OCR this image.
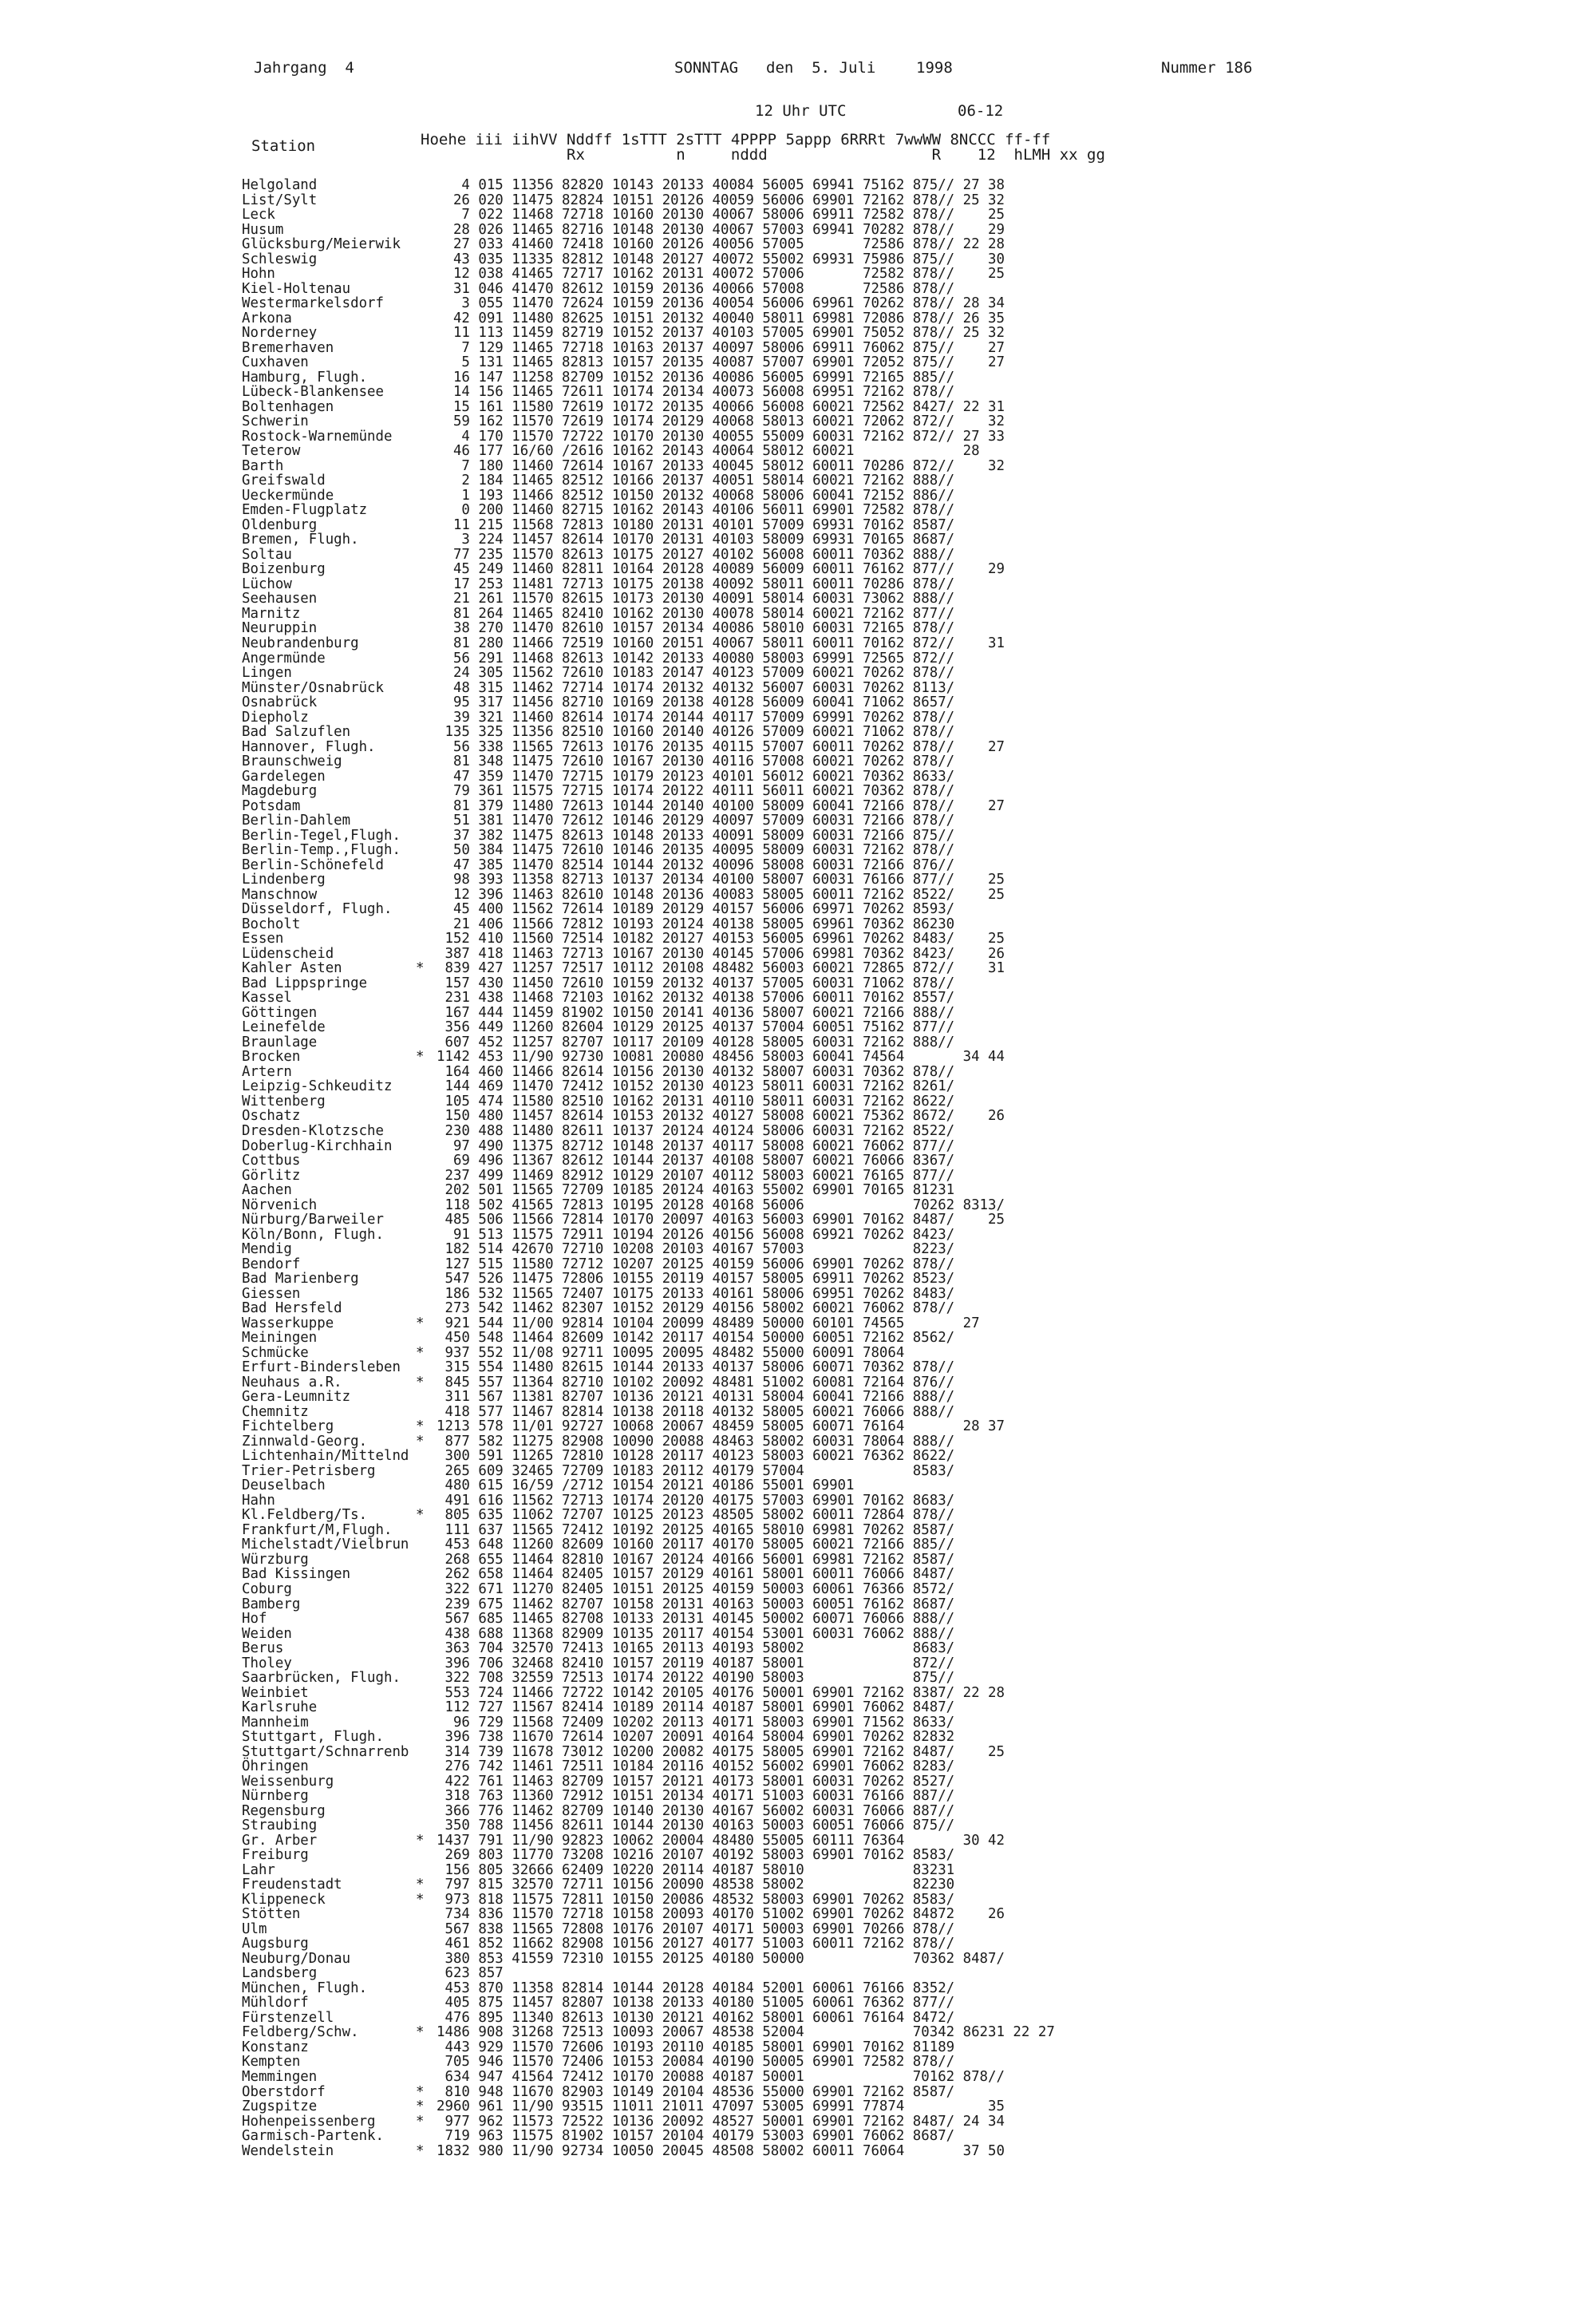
Jahrgang  4	SONNTAG den  5. Juli	1998	Nummer 186
12 Uhr UTC	06-12
Station	Hoehe iii iihVV Nddff 1sTTT 2sTTT 4PPPP 5appp 6RRRt 7wwWW 8NCCC ff-ff
Rx          n     nddd                  R    12  hLMH xx gg
Helgoland		4 015 11356 82820 10143 20133 40084 56005 69941 75162 875// 27 38
List/Sylt		26 020 11475 82824 10151 20126 40059 56006 69901 72162 878// 25 32
Leck		7 022 11468 72718 10160 20130 40067 58006 69911 72582 878//    25
Husum		28 026 11465 82716 10148 20130 40067 57003 69941 70282 878//    29
Glücksburg/Meierwik		27 033 41460 72418 10160 20126 40056 57005       72586 878// 22 28
Schleswig		43 035 11335 82812 10148 20127 40072 55002 69931 75986 875//    30
Hohn		12 038 41465 72717 10162 20131 40072 57006       72582 878//    25
Kiel-Holtenau		31 046 41470 82612 10159 20136 40066 57008       72586 878//
Westermarkelsdorf		3 055 11470 72624 10159 20136 40054 56006 69961 70262 878// 28 34
Arkona		42 091 11480 82625 10151 20132 40040 58011 69981 72086 878// 26 35
Norderney		11 113 11459 82719 10152 20137 40103 57005 69901 75052 878// 25 32
Bremerhaven		7 129 11465 72718 10163 20137 40097 58006 69911 76062 875//    27
Cuxhaven		5 131 11465 82813 10157 20135 40087 57007 69901 72052 875//    27
Hamburg, Flugh.		16 147 11258 82709 10152 20136 40086 56005 69991 72165 885//
Lübeck-Blankensee		14 156 11465 72611 10174 20134 40073 56008 69951 72162 878//
Boltenhagen		15 161 11580 72619 10172 20135 40066 56008 60021 72562 8427/ 22 31
Schwerin		59 162 11570 72619 10174 20129 40068 58013 60021 72062 872//    32
Rostock-Warnemünde		4 170 11570 72722 10170 20130 40055 55009 60031 72162 872// 27 33
Teterow		46 177 16/60 /2616 10162 20143 40064 58012 60021             28
Barth		7 180 11460 72614 10167 20133 40045 58012 60011 70286 872//    32
Greifswald		2 184 11465 82512 10166 20137 40051 58014 60021 72162 888//
Ueckermünde		1 193 11466 82512 10150 20132 40068 58006 60041 72152 886//
Emden-Flugplatz		0 200 11460 82715 10162 20143 40106 56011 69901 72582 878//
Oldenburg		11 215 11568 72813 10180 20131 40101 57009 69931 70162 8587/
Bremen, Flugh.		3 224 11457 82614 10170 20131 40103 58009 69931 70165 8687/
Soltau		77 235 11570 82613 10175 20127 40102 56008 60011 70362 888//
Boizenburg		45 249 11460 82811 10164 20128 40089 56009 60011 76162 877//    29
Lüchow		17 253 11481 72713 10175 20138 40092 58011 60011 70286 878//
Seehausen		21 261 11570 82615 10173 20130 40091 58014 60031 73062 888//
Marnitz		81 264 11465 82410 10162 20130 40078 58014 60021 72162 877//
Neuruppin		38 270 11470 82610 10157 20134 40086 58010 60031 72165 878//
Neubrandenburg		81 280 11466 72519 10160 20151 40067 58011 60011 70162 872//    31
Angermünde		56 291 11468 82613 10142 20133 40080 58003 69991 72565 872//
Lingen		24 305 11562 72610 10183 20147 40123 57009 60021 70262 878//
Münster/Osnabrück		48 315 11462 72714 10174 20132 40132 56007 60031 70262 8113/
Osnabrück		95 317 11456 82710 10169 20138 40128 56009 60041 71062 8657/
Diepholz		39 321 11460 82614 10174 20144 40117 57009 69991 70262 878//
Bad Salzuflen		135 325 11356 82510 10160 20140 40126 57009 60021 71062 878//
Hannover, Flugh.		56 338 11565 72613 10176 20135 40115 57007 60011 70262 878//    27
Braunschweig		81 348 11475 72610 10167 20130 40116 57008 60021 70262 878//
Gardelegen		47 359 11470 72715 10179 20123 40101 56012 60021 70362 8633/
Magdeburg		79 361 11575 72715 10174 20122 40111 56011 60021 70362 878//
Potsdam		81 379 11480 72613 10144 20140 40100 58009 60041 72166 878//    27
Berlin-Dahlem		51 381 11470 72612 10146 20129 40097 57009 60031 72166 878//
Berlin-Tegel,Flugh.		37 382 11475 82613 10148 20133 40091 58009 60031 72166 875//
Berlin-Temp.,Flugh.		50 384 11475 72610 10146 20135 40095 58009 60031 72162 878//
Berlin-Schönefeld		47 385 11470 82514 10144 20132 40096 58008 60031 72166 876//
Lindenberg		98 393 11358 82713 10137 20134 40100 58007 60031 76166 877//    25
Manschnow		12 396 11463 82610 10148 20136 40083 58005 60011 72162 8522/    25
Düsseldorf, Flugh.		45 400 11562 72614 10189 20129 40157 56006 69971 70262 8593/
Bocholt		21 406 11566 72812 10193 20124 40138 58005 69961 70362 86230
Essen		152 410 11560 72514 10182 20127 40153 56005 69961 70262 8483/    25
Lüdenscheid		387 418 11463 72713 10167 20130 40145 57006 69981 70362 8423/    26
Kahler Asten	*	839 427 11257 72517 10112 20108 48482 56003 60021 72865 872//    31
Bad Lippspringe		157 430 11450 72610 10159 20132 40137 57005 60031 71062 878//
Kassel		231 438 11468 72103 10162 20132 40138 57006 60011 70162 8557/
Göttingen		167 444 11459 81902 10150 20141 40136 58007 60021 72166 888//
Leinefelde		356 449 11260 82604 10129 20125 40137 57004 60051 75162 877//
Braunlage		607 452 11257 82707 10117 20109 40128 58005 60031 72162 888//
Brocken	*	1142 453 11/90 92730 10081 20080 48456 58003 60041 74564       34 44
Artern		164 460 11466 82614 10156 20130 40132 58007 60031 70362 878//
Leipzig-Schkeuditz		144 469 11470 72412 10152 20130 40123 58011 60031 72162 8261/
Wittenberg		105 474 11580 82510 10162 20131 40110 58011 60031 72162 8622/
Oschatz		150 480 11457 82614 10153 20132 40127 58008 60021 75362 8672/    26
Dresden-Klotzsche		230 488 11480 82611 10137 20124 40124 58006 60031 72162 8522/
Doberlug-Kirchhain		97 490 11375 82712 10148 20137 40117 58008 60021 76062 877//
Cottbus		69 496 11367 82612 10144 20137 40108 58007 60021 76066 8367/
Görlitz		237 499 11469 82912 10129 20107 40112 58003 60021 76165 877//
Aachen		202 501 11565 72709 10185 20124 40163 55002 69901 70165 81231
Nörvenich		118 502 41565 72813 10195 20128 40168 56006             70262 8313/
Nürburg/Barweiler		485 506 11566 72814 10170 20097 40163 56003 69901 70162 8487/    25
Köln/Bonn, Flugh.		91 513 11575 72911 10194 20126 40156 56008 69921 70262 8423/
Mendig		182 514 42670 72710 10208 20103 40167 57003             8223/
Bendorf		127 515 11580 72712 10207 20125 40159 56006 69901 70262 878//
Bad Marienberg		547 526 11475 72806 10155 20119 40157 58005 69911 70262 8523/
Giessen		186 532 11565 72407 10175 20133 40161 58006 69951 70262 8483/
Bad Hersfeld		273 542 11462 82307 10152 20129 40156 58002 60021 76062 878//
Wasserkuppe	*	921 544 11/00 92814 10104 20099 48489 50000 60101 74565       27
Meiningen		450 548 11464 82609 10142 20117 40154 50000 60051 72162 8562/
Schmücke	*	937 552 11/08 92711 10095 20095 48482 55000 60091 78064
Erfurt-Bindersleben		315 554 11480 82615 10144 20133 40137 58006 60071 70362 878//
Neuhaus a.R.	*	845 557 11364 82710 10102 20092 48481 51002 60081 72164 876//
Gera-Leumnitz		311 567 11381 82707 10136 20121 40131 58004 60041 72166 888//
Chemnitz		418 577 11467 82814 10138 20118 40132 58005 60021 76066 888//
Fichtelberg	*	1213 578 11/01 92727 10068 20067 48459 58005 60071 76164       28 37
Zinnwald-Georg.	*	877 582 11275 82908 10090 20088 48463 58002 60031 78064 888//
Lichtenhain/Mittelnd		300 591 11265 72810 10128 20117 40123 58003 60021 76362 8622/
Trier-Petrisberg		265 609 32465 72709 10183 20112 40179 57004             8583/
Deuselbach		480 615 16/59 /2712 10154 20121 40186 55001 69901
Hahn		491 616 11562 72713 10174 20120 40175 57003 69901 70162 8683/
Kl.Feldberg/Ts.	*	805 635 11062 72707 10125 20123 48505 58002 60011 72864 878//
Frankfurt/M,Flugh.		111 637 11565 72412 10192 20125 40165 58010 69981 70262 8587/
Michelstadt/Vielbrun		453 648 11260 82609 10160 20117 40170 58005 60021 72166 885//
Würzburg		268 655 11464 82810 10167 20124 40166 56001 69981 72162 8587/
Bad Kissingen		262 658 11464 82405 10157 20129 40161 58001 60011 76066 8487/
Coburg		322 671 11270 82405 10151 20125 40159 50003 60061 76366 8572/
Bamberg		239 675 11462 82707 10158 20131 40163 50003 60051 76162 8687/
Hof		567 685 11465 82708 10133 20131 40145 50002 60071 76066 888//
Weiden		438 688 11368 82909 10135 20117 40154 53001 60031 76062 888//
Berus		363 704 32570 72413 10165 20113 40193 58002             8683/
Tholey		396 706 32468 82410 10157 20119 40187 58001             872//
Saarbrücken, Flugh.		322 708 32559 72513 10174 20122 40190 58003             875//
Weinbiet		553 724 11466 72722 10142 20105 40176 50001 69901 72162 8387/ 22 28
Karlsruhe		112 727 11567 82414 10189 20114 40187 58001 69901 76062 8487/
Mannheim		96 729 11568 72409 10202 20113 40171 58003 69901 71562 8633/
Stuttgart, Flugh.		396 738 11670 72614 10207 20091 40164 58004 69901 70262 82832
Stuttgart/Schnarrenb		314 739 11678 73012 10200 20082 40175 58005 69901 72162 8487/    25
Öhringen		276 742 11461 72511 10184 20116 40152 56002 69901 76062 8283/
Weissenburg		422 761 11463 82709 10157 20121 40173 58001 60031 70262 8527/
Nürnberg		318 763 11360 72912 10151 20134 40171 51003 60031 76166 887//
Regensburg		366 776 11462 82709 10140 20130 40167 56002 60031 76066 887//
Straubing		350 788 11456 82611 10144 20130 40163 50003 60051 76066 875//
Gr. Arber	*	1437 791 11/90 92823 10062 20004 48480 55005 60111 76364       30 42
Freiburg		269 803 11770 73208 10216 20107 40192 58003 69901 70162 8583/
Lahr		156 805 32666 62409 10220 20114 40187 58010             83231
Freudenstadt	*	797 815 32570 72711 10156 20090 48538 58002             82230
Klippeneck	*	973 818 11575 72811 10150 20086 48532 58003 69901 70262 8583/
Stötten		734 836 11570 72718 10158 20093 40170 51002 69901 70262 84872    26
Ulm		567 838 11565 72808 10176 20107 40171 50003 69901 70266 878//
Augsburg		461 852 11662 82908 10156 20127 40177 51003 60011 72162 878//
Neuburg/Donau		380 853 41559 72310 10155 20125 40180 50000             70362 8487/
Landsberg		623 857
München, Flugh.		453 870 11358 82814 10144 20128 40184 52001 60061 76166 8352/
Mühldorf		405 875 11457 82807 10138 20133 40180 51005 60061 76362 877//
Fürstenzell		476 895 11340 82613 10130 20121 40162 58001 60061 76164 8472/
Feldberg/Schw.	*	1486 908 31268 72513 10093 20067 48538 52004             70342 86231 22 27
Konstanz		443 929 11570 72606 10193 20110 40185 58001 69901 70162 81189
Kempten		705 946 11570 72406 10153 20084 40190 50005 69901 72582 878//
Memmingen		634 947 41564 72412 10170 20088 40187 50001             70162 878//
Oberstdorf	*	810 948 11670 82903 10149 20104 48536 55000 69901 72162 8587/
Zugspitze	*	2960 961 11/90 93515 11011 21011 47097 53005 69991 77874          35
Hohenpeissenberg	*	977 962 11573 72522 10136 20092 48527 50001 69901 72162 8487/ 24 34
Garmisch-Partenk.		719 963 11575 81902 10157 20104 40179 53003 69901 76062 8687/
Wendelstein	*	1832 980 11/90 92734 10050 20045 48508 58002 60011 76064       37 50
